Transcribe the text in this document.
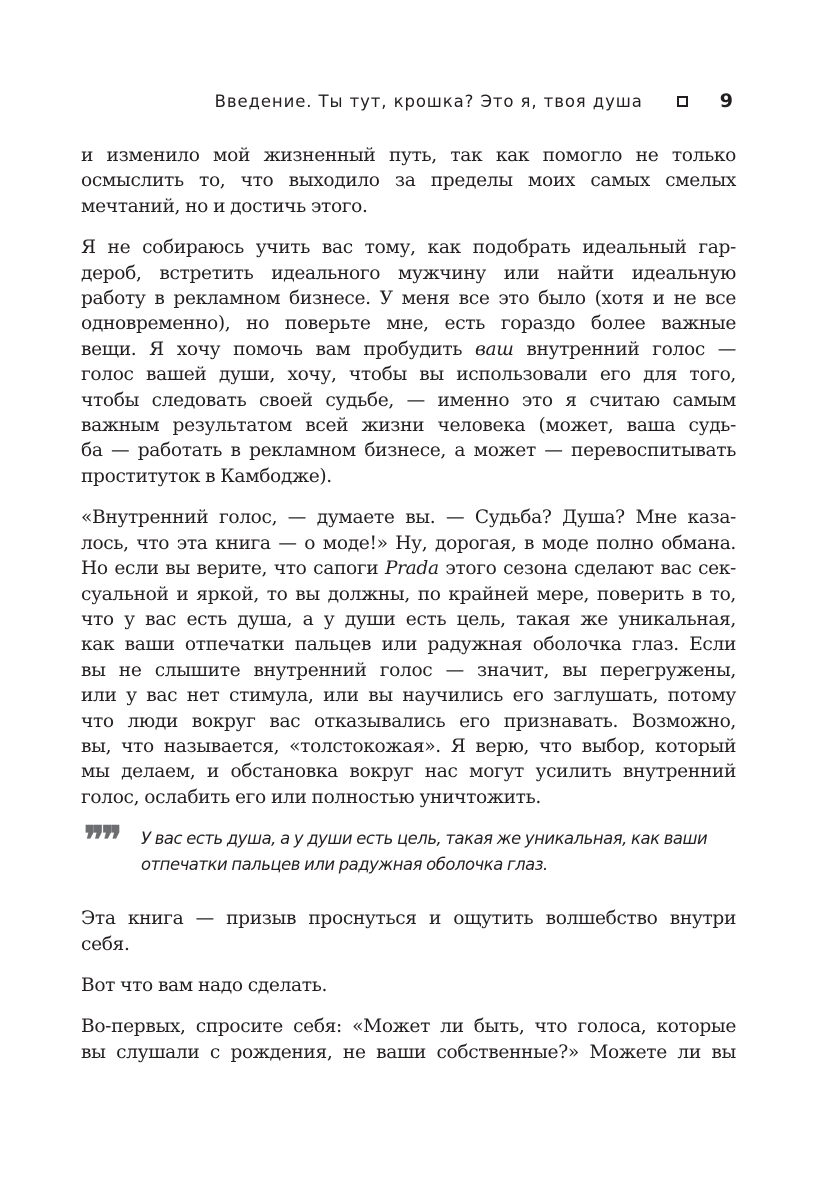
Введение. Ты тут, крошка? Это я, твоя душа	9

и изменило мой жизненный путь, так как помогло не только
осмыслить то, что выходило за пределы моих самых смелых
мечтаний, но и достичь этого.

Я не собираюсь учить вас тому, как подобрать идеальный гар-
дероб, встретить идеального мужчину или найти идеальную
работу в рекламном бизнесе. У меня все это было (хотя и не все
одновременно), но поверьте мне, есть гораздо более важные
вещи. Я хочу помочь вам пробудить ваш внутренний голос —
голос вашей души, хочу, чтобы вы использовали его для того,
чтобы следовать своей судьбе, — именно это я считаю самым
важным результатом всей жизни человека (может, ваша судь-
ба — работать в рекламном бизнесе, а может — перевоспитывать
проституток в Камбодже).

«Внутренний голос, — думаете вы. — Судьба? Душа? Мне каза-
лось, что эта книга — о моде!» Ну, дорогая, в моде полно обмана.
Но если вы верите, что сапоги Prada этого сезона сделают вас сек-
суальной и яркой, то вы должны, по крайней мере, поверить в то,
что у вас есть душа, а у души есть цель, такая же уникальная,
как ваши отпечатки пальцев или радужная оболочка глаз. Если
вы не слышите внутренний голос — значит, вы перегружены,
или у вас нет стимула, или вы научились его заглушать, потому
что люди вокруг вас отказывались его признавать. Возможно,
вы, что называется, «толстокожая». Я верю, что выбор, который
мы делаем, и обстановка вокруг нас могут усилить внутренний
голос, ослабить его или полностью уничтожить.

❞❞ У вас есть душа, а у души есть цель, такая же уникальная, как ваши
отпечатки пальцев или радужная оболочка глаз.

Эта книга — призыв проснуться и ощутить волшебство внутри
себя.

Вот что вам надо сделать.

Во-первых, спросите себя: «Может ли быть, что голоса, которые
вы слушали с рождения, не ваши собственные?» Можете ли вы
